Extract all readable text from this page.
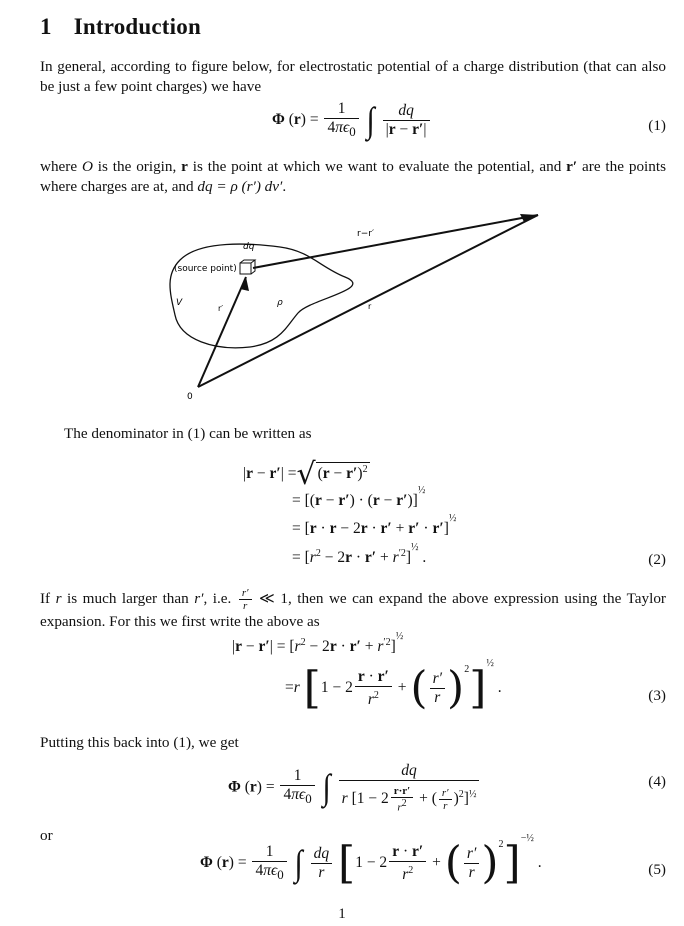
1 Introduction
In general, according to figure below, for electrostatic potential of a charge distribution (that can also be just a few point charges) we have
Φ $(r) = \frac{1}{4\pi\epsilon_0}$ ∫ $\frac{dq}{|r - r'|}$	(1)
where O is the origin, r is the point at which we want to evaluate the potential, and r′ are the points where charges are at, and dq = ρ (r′) dv′.
r−r′
dq
(source point)
V
r′
ρ	r
0
The denominator in (1) can be written as
|r − r′| =√ $(r - r')^2$
= $[(r - r') \cdot (r - r')]^{\frac{1}{2}}$
= $[r \cdot r - 2r \cdot r' + r' \cdot r']^{\frac{1}{2}}$
= $[r^2 - 2r \cdot r' + r^{'2}]^{\frac{1}{2}}$ .	(2)
If r is much larger than r′, i.e. $\frac{r'}{r}$ ≪ 1, then we can expand the above expression using the Taylor expansion. For this we first write the above as
$|r - r'| = [r^2 - 2r \cdot r' + r^{'2}]^{\frac{1}{2}}$
=r [$1 - 2 \frac{r \cdot r'}{r^2}$ + ( $\frac{r'}{r} )^2]^{\frac{1}{2}}$ .	(3)
Putting this back into (1), we get
Φ $(r) = \frac{1}{4\pi\epsilon_0}$ ∫ $\frac{dq}{r [1 - 2 \frac{r\cdot r'}{r^2} + ( \frac{r'}{r} )^2]^{\frac{1}{2}}}$	(4)
or
Φ $(r) = \frac{1}{4\pi\epsilon_0}$ ∫ $\frac{dq}{r} [1 - 2 \frac{r \cdot r'}{r^2}$ + ( $\frac{r'}{r} )^2]^{-\frac{1}{2}}$ .	(5)
1
